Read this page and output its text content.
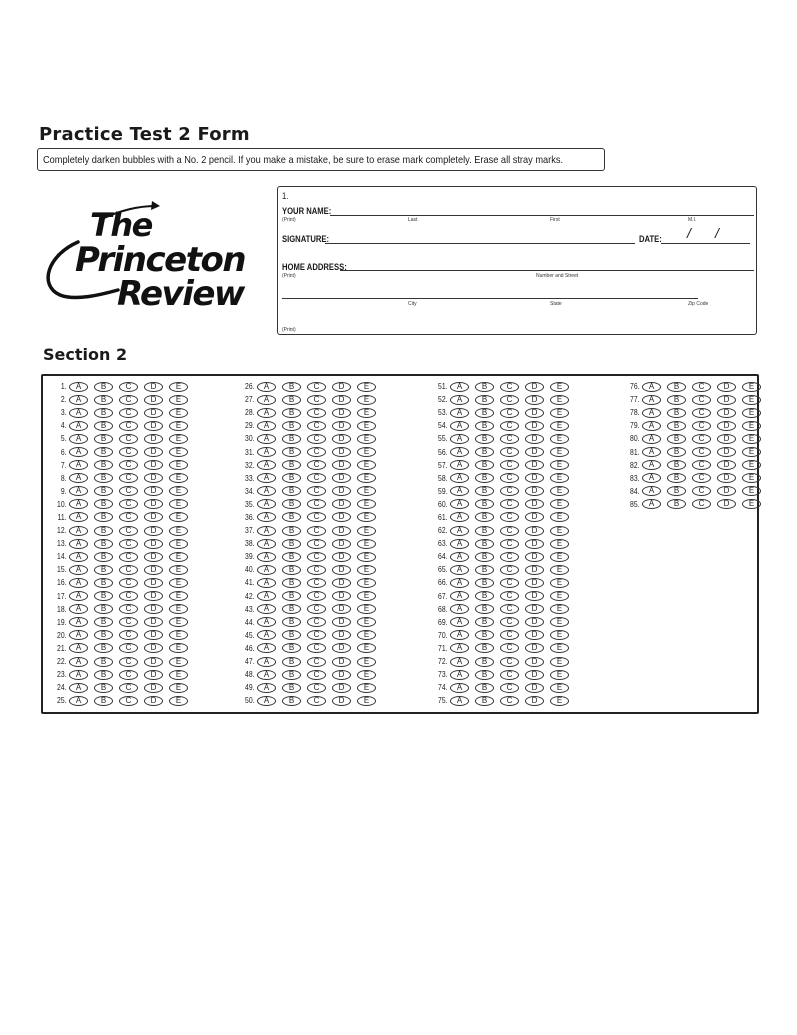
Practice Test 2 Form
Completely darken bubbles with a No. 2 pencil. If you make a mistake, be sure to erase mark completely. Erase all stray marks.
The
Princeton
Review
1.
YOUR NAME:
(Print)	Last	First	M.I.
SIGNATURE:	DATE: / /
HOME ADDRESS:
(Print)	Number and Street
City	State	Zip Code
(Print)
Section 2
1.	A	B	C	D	E
2.	A	B	C	D	E
3.	A	B	C	D	E
4.	A	B	C	D	E
5.	A	B	C	D	E
6.	A	B	C	D	E
7.	A	B	C	D	E
8.	A	B	C	D	E
9.	A	B	C	D	E
10.	A	B	C	D	E
11.	A	B	C	D	E
12.	A	B	C	D	E
13.	A	B	C	D	E
14.	A	B	C	D	E
15.	A	B	C	D	E
16.	A	B	C	D	E
17.	A	B	C	D	E
18.	A	B	C	D	E
19.	A	B	C	D	E
20.	A	B	C	D	E
21.	A	B	C	D	E
22.	A	B	C	D	E
23.	A	B	C	D	E
24.	A	B	C	D	E
25.	A	B	C	D	E
26.	A	B	C	D	E
27.	A	B	C	D	E
28.	A	B	C	D	E
29.	A	B	C	D	E
30.	A	B	C	D	E
31.	A	B	C	D	E
32.	A	B	C	D	E
33.	A	B	C	D	E
34.	A	B	C	D	E
35.	A	B	C	D	E
36.	A	B	C	D	E
37.	A	B	C	D	E
38.	A	B	C	D	E
39.	A	B	C	D	E
40.	A	B	C	D	E
41.	A	B	C	D	E
42.	A	B	C	D	E
43.	A	B	C	D	E
44.	A	B	C	D	E
45.	A	B	C	D	E
46.	A	B	C	D	E
47.	A	B	C	D	E
48.	A	B	C	D	E
49.	A	B	C	D	E
50.	A	B	C	D	E
51.	A	B	C	D	E
52.	A	B	C	D	E
53.	A	B	C	D	E
54.	A	B	C	D	E
55.	A	B	C	D	E
56.	A	B	C	D	E
57.	A	B	C	D	E
58.	A	B	C	D	E
59.	A	B	C	D	E
60.	A	B	C	D	E
61.	A	B	C	D	E
62.	A	B	C	D	E
63.	A	B	C	D	E
64.	A	B	C	D	E
65.	A	B	C	D	E
66.	A	B	C	D	E
67.	A	B	C	D	E
68.	A	B	C	D	E
69.	A	B	C	D	E
70.	A	B	C	D	E
71.	A	B	C	D	E
72.	A	B	C	D	E
73.	A	B	C	D	E
74.	A	B	C	D	E
75.	A	B	C	D	E
76.	A	B	C	D	E
77.	A	B	C	D	E
78.	A	B	C	D	E
79.	A	B	C	D	E
80.	A	B	C	D	E
81.	A	B	C	D	E
82.	A	B	C	D	E
83.	A	B	C	D	E
84.	A	B	C	D	E
85.	A	B	C	D	E
